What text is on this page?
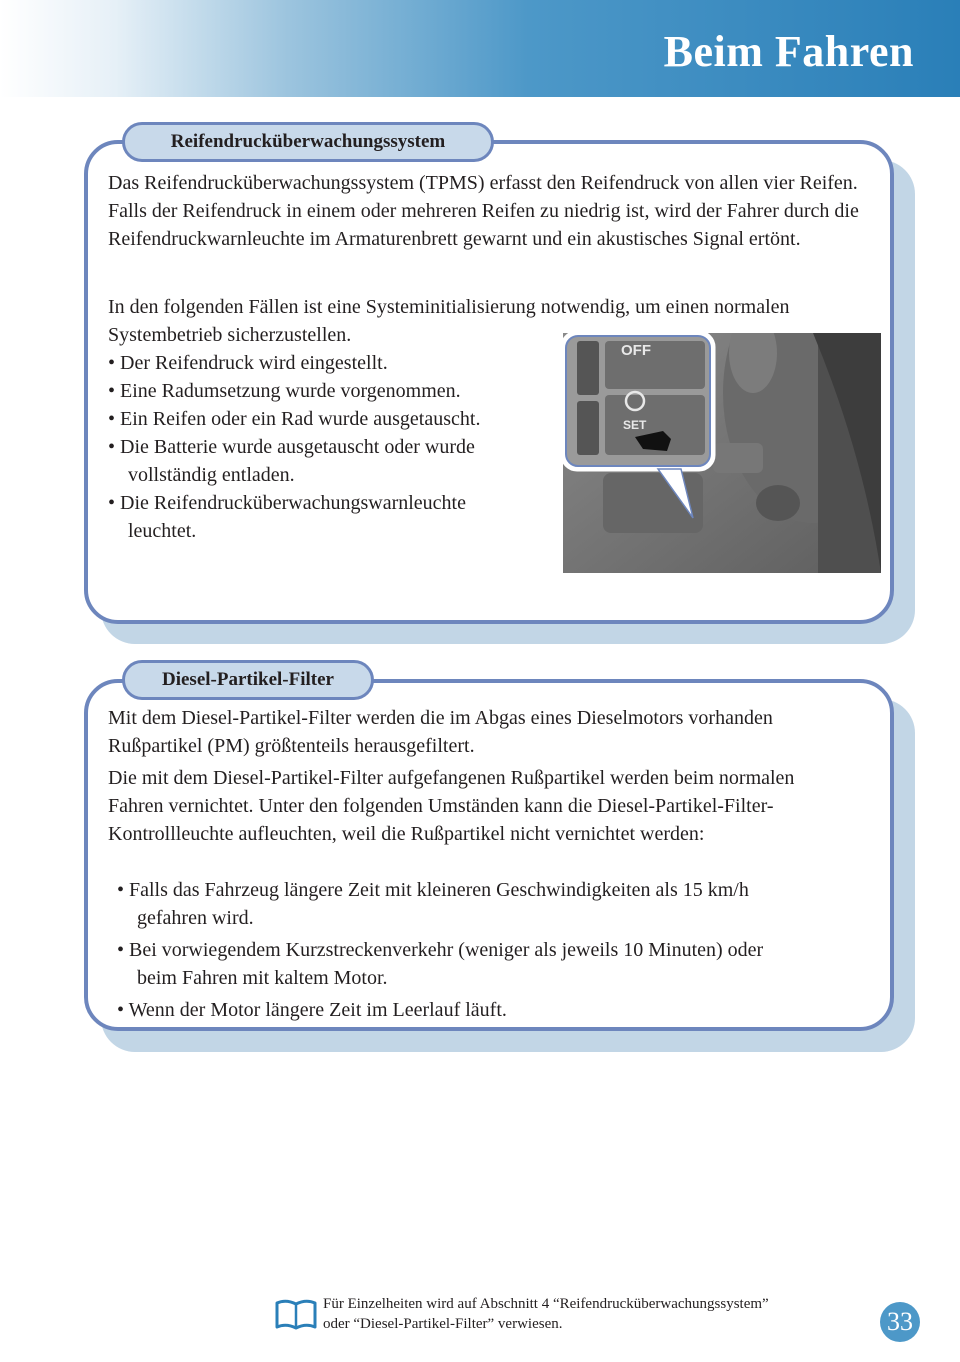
Beim Fahren
Reifendrucküberwachungssystem

Das Reifendrucküberwachungssystem (TPMS) erfasst den Reifendruck von allen vier Reifen. Falls der Reifendruck in einem oder mehreren Reifen zu niedrig ist, wird der Fahrer durch die Reifendruckwarnleuchte im Armaturenbrett gewarnt und ein akustisches Signal ertönt.

In den folgenden Fällen ist eine Systeminitialisierung notwendig, um einen normalen Systembetrieb sicherzustellen.

• Der Reifendruck wird eingestellt.

• Eine Radumsetzung wurde vorgenommen.

• Ein Reifen oder ein Rad wurde ausgetauscht.

• Die Batterie wurde ausgetauscht oder wurde
vollständig entladen.

• Die Reifendrucküberwachungswarnleuchte
leuchtet.

OFF
SET
Diesel-Partikel-Filter

Mit dem Diesel-Partikel-Filter werden die im Abgas eines Dieselmotors vorhanden Rußpartikel (PM) größtenteils herausgefiltert.

Die mit dem Diesel-Partikel-Filter aufgefangenen Rußpartikel werden beim normalen Fahren vernichtet. Unter den folgenden Umständen kann die Diesel-Partikel-Filter-Kontrollleuchte aufleuchten, weil die Rußpartikel nicht vernichtet werden:

• Falls das Fahrzeug längere Zeit mit kleineren Geschwindigkeiten als 15 km/h
gefahren wird.

• Bei vorwiegendem Kurzstreckenverkehr (weniger als jeweils 10 Minuten) oder
beim Fahren mit kaltem Motor.

• Wenn der Motor längere Zeit im Leerlauf läuft.

Für Einzelheiten wird auf Abschnitt 4 “Reifendrucküberwachungssystem”
oder “Diesel-Partikel-Filter” verwiesen.	33
